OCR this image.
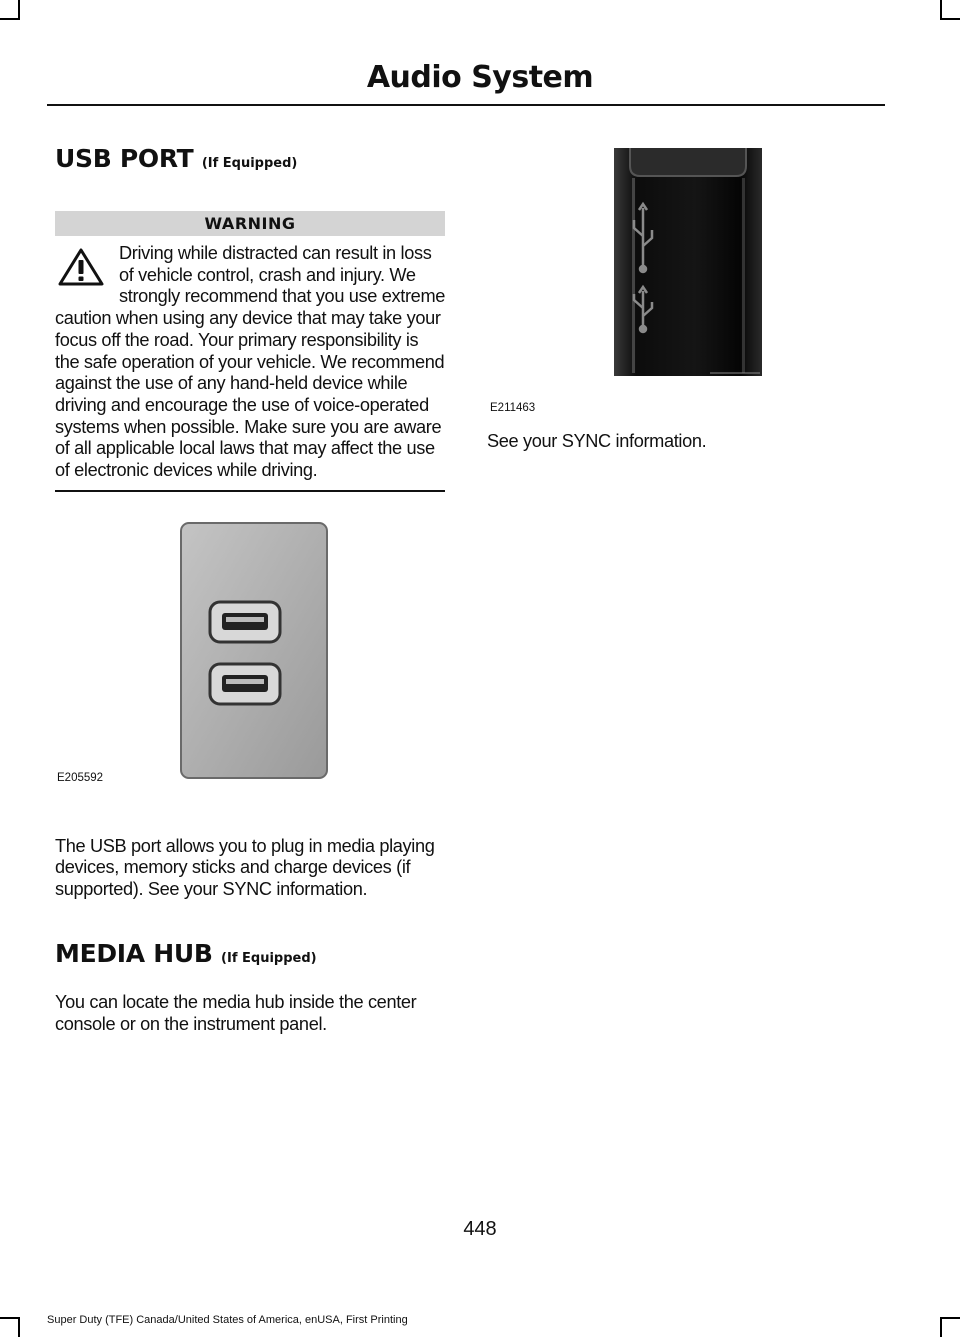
Audio System
USB PORT (If Equipped)
WARNING

Driving while distracted can result in loss of vehicle control, crash and injury. We strongly recommend that you use extreme caution when using any device that may take your focus off the road. Your primary responsibility is the safe operation of your vehicle. We recommend against the use of any hand-held device while driving and encourage the use of voice-operated systems when possible. Make sure you are aware of all applicable local laws that may affect the use of electronic devices while driving.

E205592

The USB port allows you to plug in media playing devices, memory sticks and charge devices (if supported). See your SYNC information.

MEDIA HUB (If Equipped)

You can locate the media hub inside the center console or on the instrument panel.

E211463

See your SYNC information.

448
Super Duty (TFE) Canada/United States of America, enUSA, First Printing
